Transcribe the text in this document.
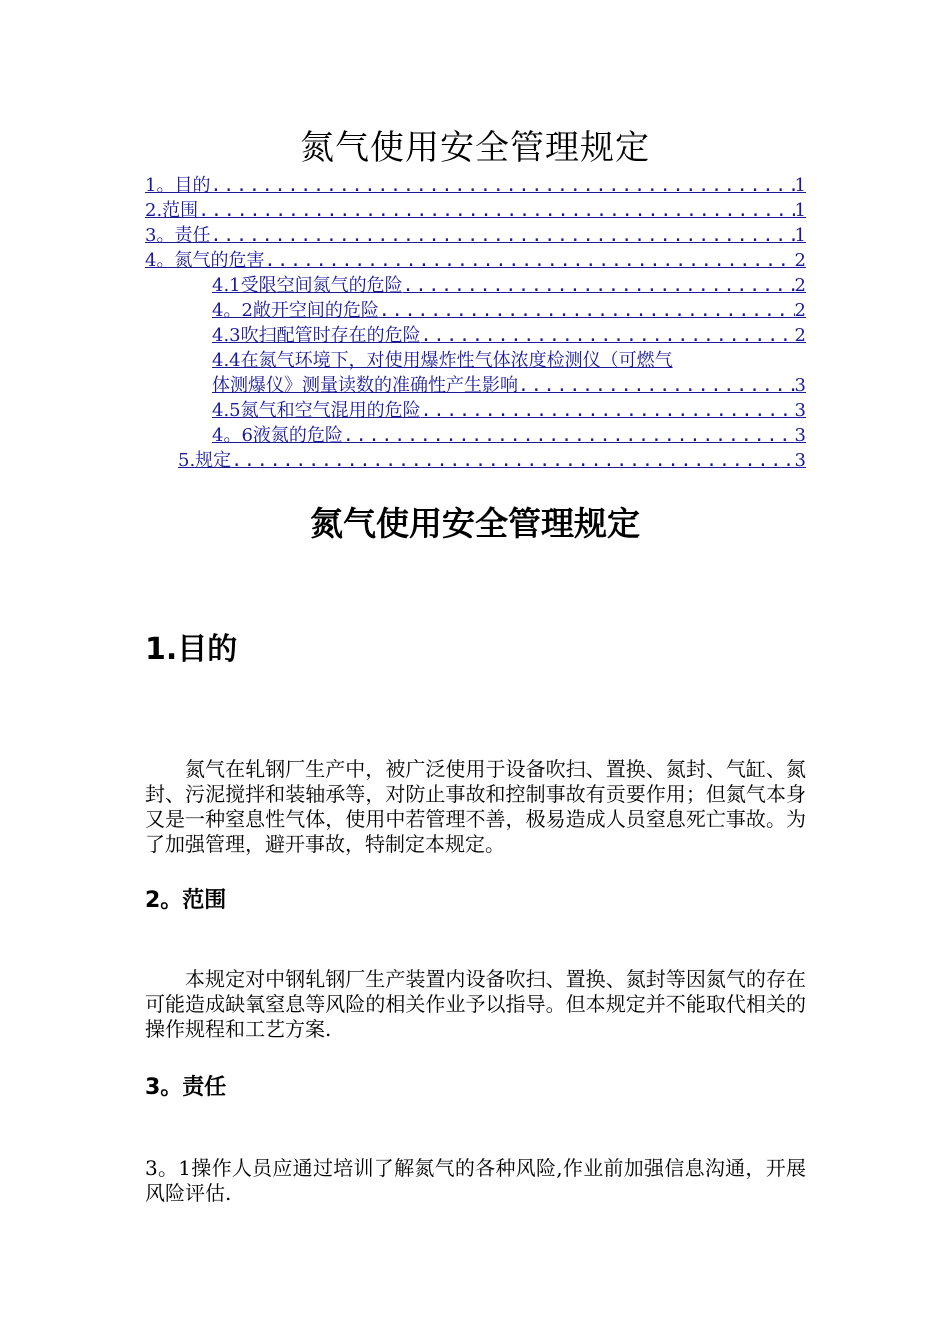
氮气使用安全管理规定
1。目的 .....	1
2.范围 .....	1
3。责任 .....	1
4。氮气的危害 .....	2
4.1受限空间氮气的危险 .....	2
4。2敞开空间的危险 .....	2
4.3吹扫配管时存在的危险 .....	2
4.4在氮气环境下，对使用爆炸性气体浓度检测仪（可燃气
体测爆仪》测量读数的准确性产生影响 .....	3
4.5氮气和空气混用的危险 .....	3
4。6液氮的危险 .....	3
5.规定 .....	3
氮气使用安全管理规定
1.目的
氮气在轧钢厂生产中，被广泛使用于设备吹扫、置换、氮封、气缸、氮封、污泥搅拌和装轴承等，对防止事故和控制事故有贡要作用；但氮气本身又是一种窒息性气体，使用中若管理不善，极易造成人员窒息死亡事故。为了加强管理，避开事故，特制定本规定。
2。范围
本规定对中钢轧钢厂生产装置内设备吹扫、置换、氮封等因氮气的存在可能造成缺氧窒息等风险的相关作业予以指导。但本规定并不能取代相关的操作规程和工艺方案.
3。责任
3。1操作人员应通过培训了解氮气的各种风险,作业前加强信息沟通，开展风险评估.
